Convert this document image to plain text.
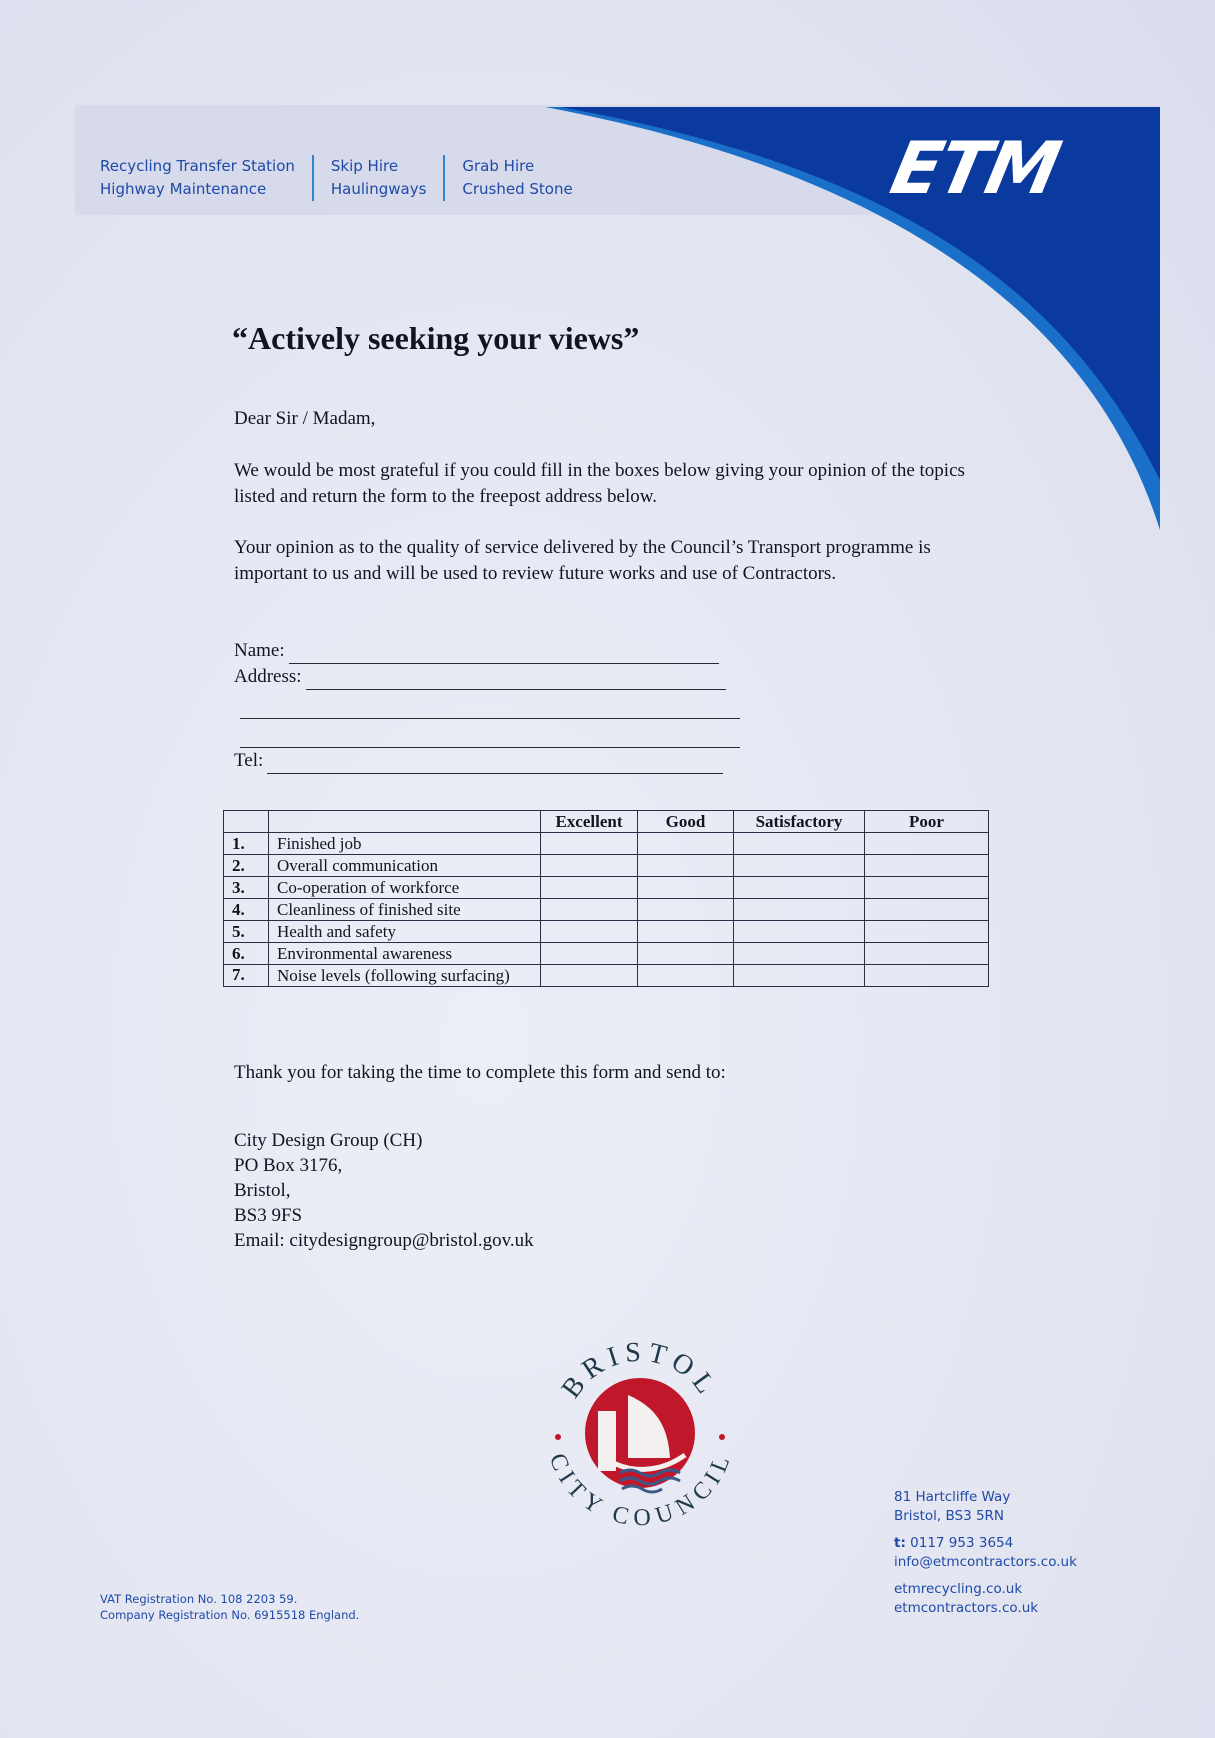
Recycling Transfer Station
Highway Maintenance
Skip Hire
Haulingways
Grab Hire
Crushed Stone	ETM
“Actively seeking your views”

Dear Sir / Madam,

We would be most grateful if you could fill in the boxes below giving your opinion of the topics listed and return the form to the freepost address below.

Your opinion as to the quality of service delivered by the Council’s Transport programme is important to us and will be used to review future works and use of Contractors.

Name:
Address:
Tel:
		Excellent	Good	Satisfactory	Poor
1.	Finished job				
2.	Overall communication				
3.	Co-operation of workforce				
4.	Cleanliness of finished site				
5.	Health and safety				
6.	Environmental awareness				
7.	Noise levels (following surfacing)				

Thank you for taking the time to complete this form and send to:

City Design Group (CH)
PO Box 3176,
Bristol,
BS3 9FS
Email: citydesigngroup@bristol.gov.uk
BRISTOL
CITY COUNCIL
VAT Registration No. 108 2203 59.
Company Registration No. 6915518 England.
81 Hartcliffe Way
Bristol, BS3 5RN
t: 0117 953 3654
info@etmcontractors.co.uk
etmrecycling.co.uk
etmcontractors.co.uk
